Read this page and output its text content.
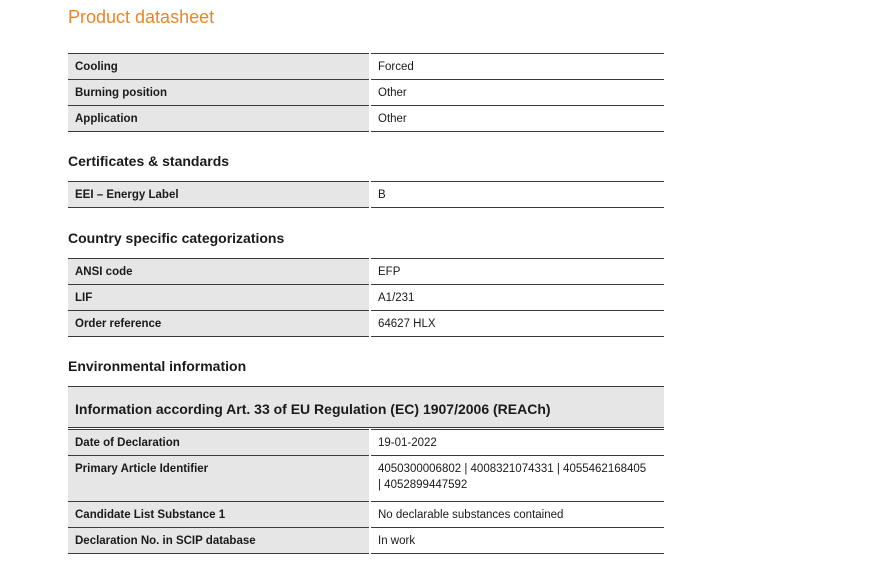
Product datasheet
Cooling	Forced
Burning position	Other
Application	Other
Certificates & standards
EEI – Energy Label	B
Country specific categorizations
ANSI code	EFP
LIF	A1/231
Order reference	64627 HLX
Environmental information
Information according Art. 33 of EU Regulation (EC) 1907/2006 (REACh)
Date of Declaration	19-01-2022
Primary Article Identifier	4050300006802 | 4008321074331 | 4055462168405
| 4052899447592

Candidate List Substance 1	No declarable substances contained
Declaration No. in SCIP database	In work
